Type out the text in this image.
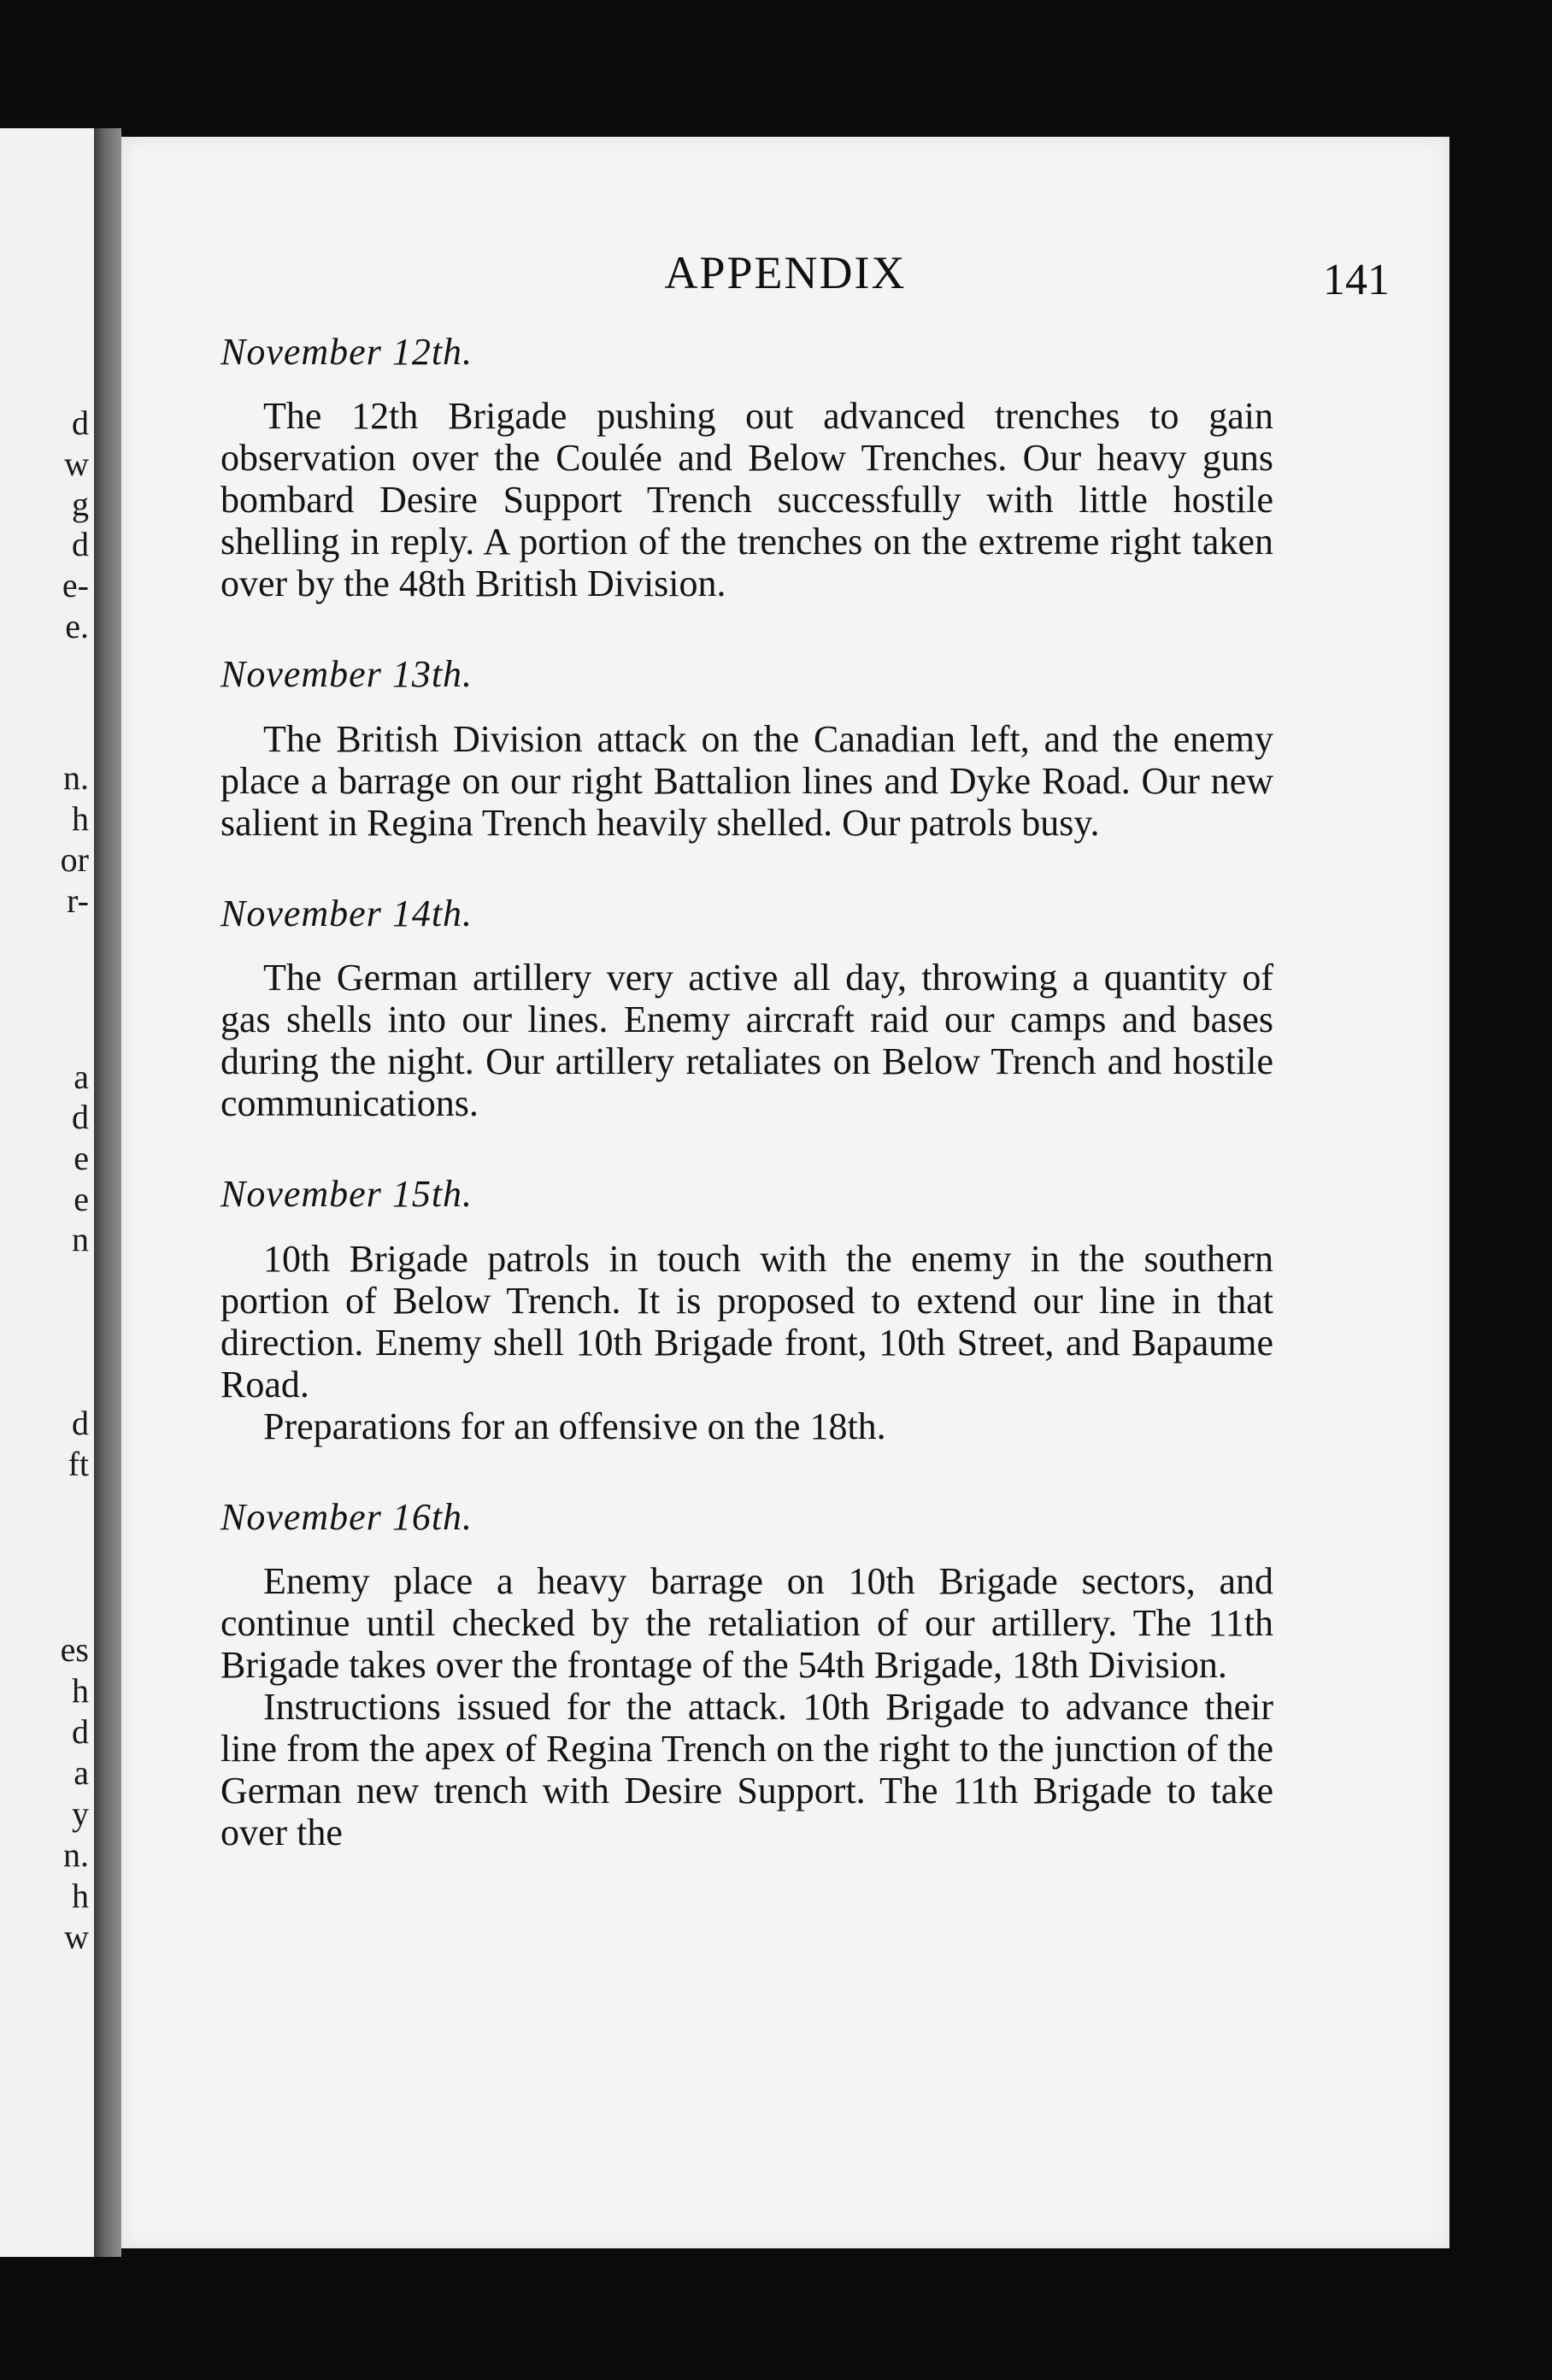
d
w
g
d
e-
e.
n.
h
or
r-
a
d
e
e
n
d
ft
es
h
d
a
y
n.
h
w
APPENDIX	141
November 12th.

The 12th Brigade pushing out advanced trenches to gain observation over the Coulée and Below Trenches. Our heavy guns bombard Desire Support Trench successfully with little hostile shelling in reply. A portion of the trenches on the extreme right taken over by the 48th British Division.

November 13th.

The British Division attack on the Canadian left, and the enemy place a barrage on our right Battalion lines and Dyke Road. Our new salient in Regina Trench heavily shelled. Our patrols busy.

November 14th.

The German artillery very active all day, throwing a quantity of gas shells into our lines. Enemy aircraft raid our camps and bases during the night. Our artillery retaliates on Below Trench and hostile communications.

November 15th.

10th Brigade patrols in touch with the enemy in the southern portion of Below Trench. It is proposed to extend our line in that direction. Enemy shell 10th Brigade front, 10th Street, and Bapaume Road.

Preparations for an offensive on the 18th.

November 16th.

Enemy place a heavy barrage on 10th Brigade sectors, and continue until checked by the retaliation of our artillery. The 11th Brigade takes over the frontage of the 54th Brigade, 18th Division.

Instructions issued for the attack. 10th Brigade to advance their line from the apex of Regina Trench on the right to the junction of the German new trench with Desire Support. The 11th Brigade to take over the
